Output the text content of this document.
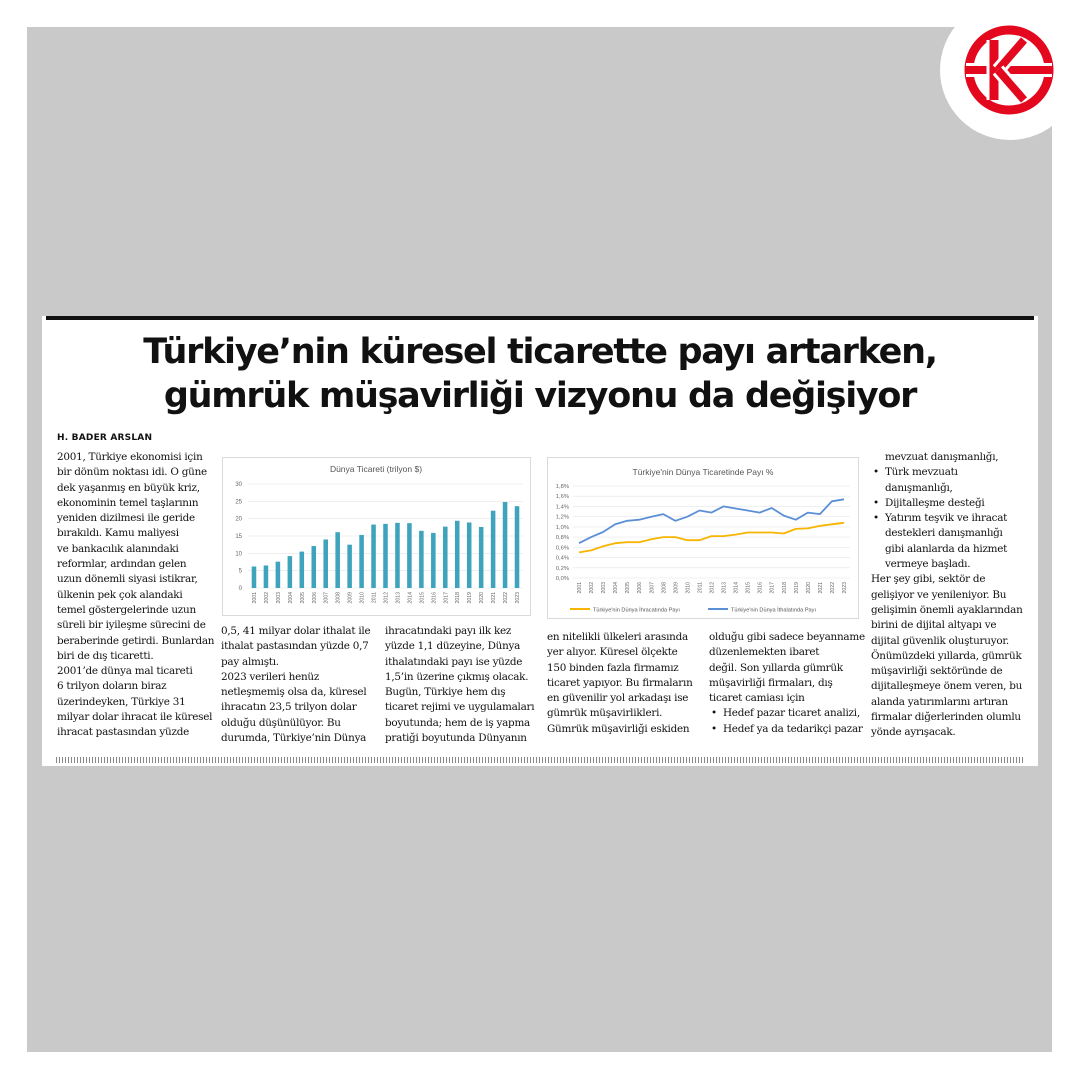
Türkiye’nin küresel ticarette payı artarken,
gümrük müşavirliği vizyonu da değişiyor
H. BADER ARSLAN

2001, Türkiye ekonomisi için

bir dönüm noktası idi. O güne

dek yaşanmış en büyük kriz,

ekonominin temel taşlarının

yeniden dizilmesi ile geride

bırakıldı. Kamu maliyesi

ve bankacılık alanındaki

reformlar, ardından gelen

uzun dönemli siyasi istikrar,

ülkenin pek çok alandaki

temel göstergelerinde uzun

süreli bir iyileşme sürecini de

beraberinde getirdi. Bunlardan

biri de dış ticaretti.

2001’de dünya mal ticareti

6 trilyon doların biraz

üzerindeyken, Türkiye 31

milyar dolar ihracat ile küresel

ihracat pastasından yüzde

Dünya Ticareti (trilyon $)
0
5
10
15
20
25
30
2001 2002 2003 2004 2005 2006 2007 2008 2009 2010 2011 2012 2013 2014 2015 2016 2017 2018 2019 2020 2021 2022 2023

0,5, 41 milyar dolar ithalat ile

ithalat pastasından yüzde 0,7

pay almıştı.

2023 verileri henüz

netleşmemiş olsa da, küresel

ihracatın 23,5 trilyon dolar

olduğu düşünülüyor. Bu

durumda, Türkiye’nin Dünya

ihracatındaki payı ilk kez

yüzde 1,1 düzeyine, Dünya

ithalatındaki payı ise yüzde

1,5’in üzerine çıkmış olacak.

Bugün, Türkiye hem dış

ticaret rejimi ve uygulamaları

boyutunda; hem de iş yapma

pratiği boyutunda Dünyanın

Türkiye'nin Dünya Ticaretinde Payı %
0,0%
0,2%
0,4%
0,6%
0,8%
1,0%
1,2%
1,4%
1,6%
1,8%
2001 2002 2003 2004 2005 2006 2007 2008 2009 2010 2011 2012 2013 2014 2015 2016 2017 2018 2019 2020 2021 2022 2023
Türkiye'nin Dünya İhracatında Payı	Türkiye'nin Dünya İthalatında Payı

en nitelikli ülkeleri arasında

yer alıyor. Küresel ölçekte

150 binden fazla firmamız

ticaret yapıyor. Bu firmaların

en güvenilir yol arkadaşı ise

gümrük müşavirlikleri.

Gümrük müşavirliği eskiden

olduğu gibi sadece beyanname

düzenlemekten ibaret

değil. Son yıllarda gümrük

müşavirliği firmaları, dış

ticaret camiası için

• Hedef pazar ticaret analizi,
• Hedef ya da tedarikçi pazar

mevzuat danışmanlığı,

• Türk mevzuatı
danışmanlığı,
• Dijitalleşme desteği
• Yatırım teşvik ve ihracat
destekleri danışmanlığı
gibi alanlarda da hizmet
vermeye başladı.

Her şey gibi, sektör de

gelişiyor ve yenileniyor. Bu

gelişimin önemli ayaklarından

birini de dijital altyapı ve

dijital güvenlik oluşturuyor.

Önümüzdeki yıllarda, gümrük

müşavirliği sektöründe de

dijitalleşmeye önem veren, bu

alanda yatırımlarını artıran

firmalar diğerlerinden olumlu

yönde ayrışacak.
